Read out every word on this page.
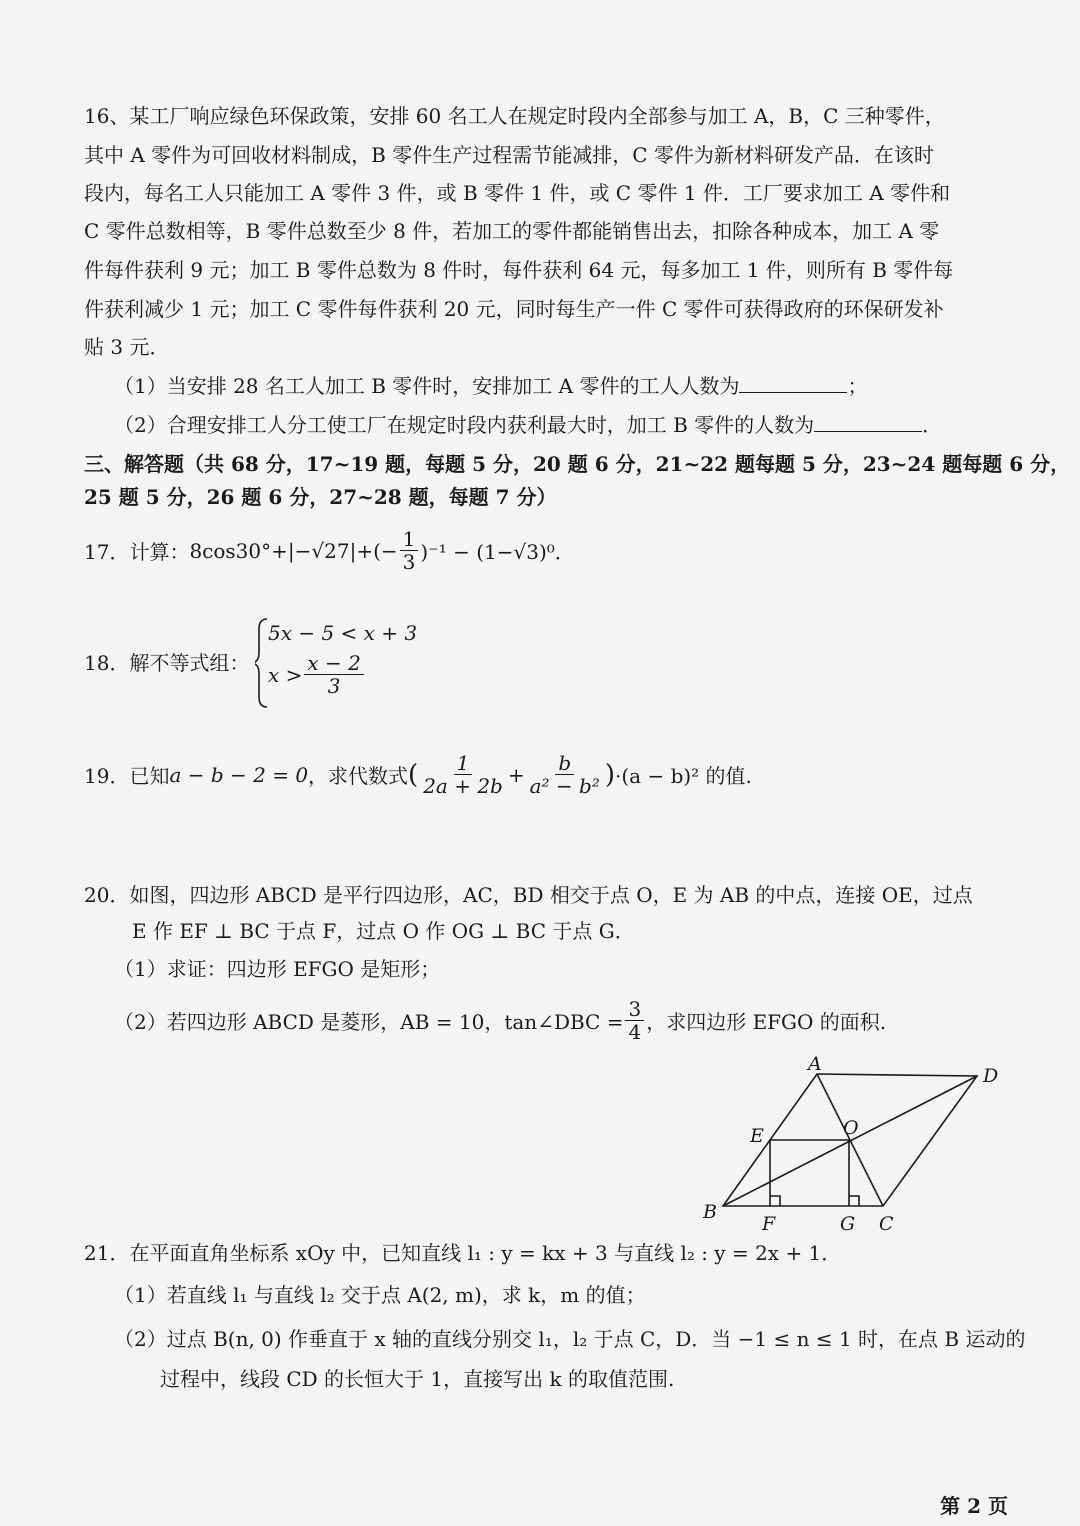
16、某工厂响应绿色环保政策，安排 60 名工人在规定时段内全部参与加工 A，B，C 三种零件，
其中 A 零件为可回收材料制成，B 零件生产过程需节能减排，C 零件为新材料研发产品．在该时
段内，每名工人只能加工 A 零件 3 件，或 B 零件 1 件，或 C 零件 1 件．工厂要求加工 A 零件和
C 零件总数相等，B 零件总数至少 8 件，若加工的零件都能销售出去，扣除各种成本，加工 A 零
件每件获利 9 元；加工 B 零件总数为 8 件时，每件获利 64 元，每多加工 1 件，则所有 B 零件每
件获利减少 1 元；加工 C 零件每件获利 20 元，同时每生产一件 C 零件可获得政府的环保研发补
贴 3 元．
（1）当安排 28 名工人加工 B 零件时，安排加工 A 零件的工人人数为	；
（2）合理安排工人分工使工厂在规定时段内获利最大时，加工 B 零件的人数为	．
三、解答题（共 68 分，17~19 题，每题 5 分，20 题 6 分，21~22 题每题 5 分，23~24 题每题 6 分，
25 题 5 分，26 题 6 分，27~28 题，每题 7 分）
17．计算： $8\cos 30^\circ+|-√27|+(- \frac{1}{3} )^{-1} - (1-√3)^0$．
18．解不等式组：
5x − 5 < x + 3
$x > \frac{x - 2}{3}$
19．已知 a − b − 2 = 0 ，求代数式 ( $\frac{1}{2a + 2b} + \frac{b}{\text{a² − b²}}$ ) ·(a − b)² 的值.
20．如图，四边形 ABCD 是平行四边形，AC，BD 相交于点 O，E 为 AB 的中点，连接 OE，过点
E 作 EF ⊥ BC 于点 F，过点 O 作 OG ⊥ BC 于点 G．
（1）求证：四边形 EFGO 是矩形；
（2）若四边形 ABCD 是菱形，AB = 10，tan∠DBC = $\frac{3}{4}$ ，求四边形 EFGO 的面积.
A
D
E	O
B
F	G C
21．在平面直角坐标系 xOy 中，已知直线 l₁ : y = kx + 3 与直线 l₂ : y = 2x + 1．
（1）若直线 l₁ 与直线 l₂ 交于点 A(2, m)，求 k，m 的值；
（2）过点 B(n, 0) 作垂直于 x 轴的直线分别交 l₁，l₂ 于点 C，D．当 −1 ≤ n ≤ 1 时，在点 B 运动的
过程中，线段 CD 的长恒大于 1，直接写出 k 的取值范围.
第 2 页
